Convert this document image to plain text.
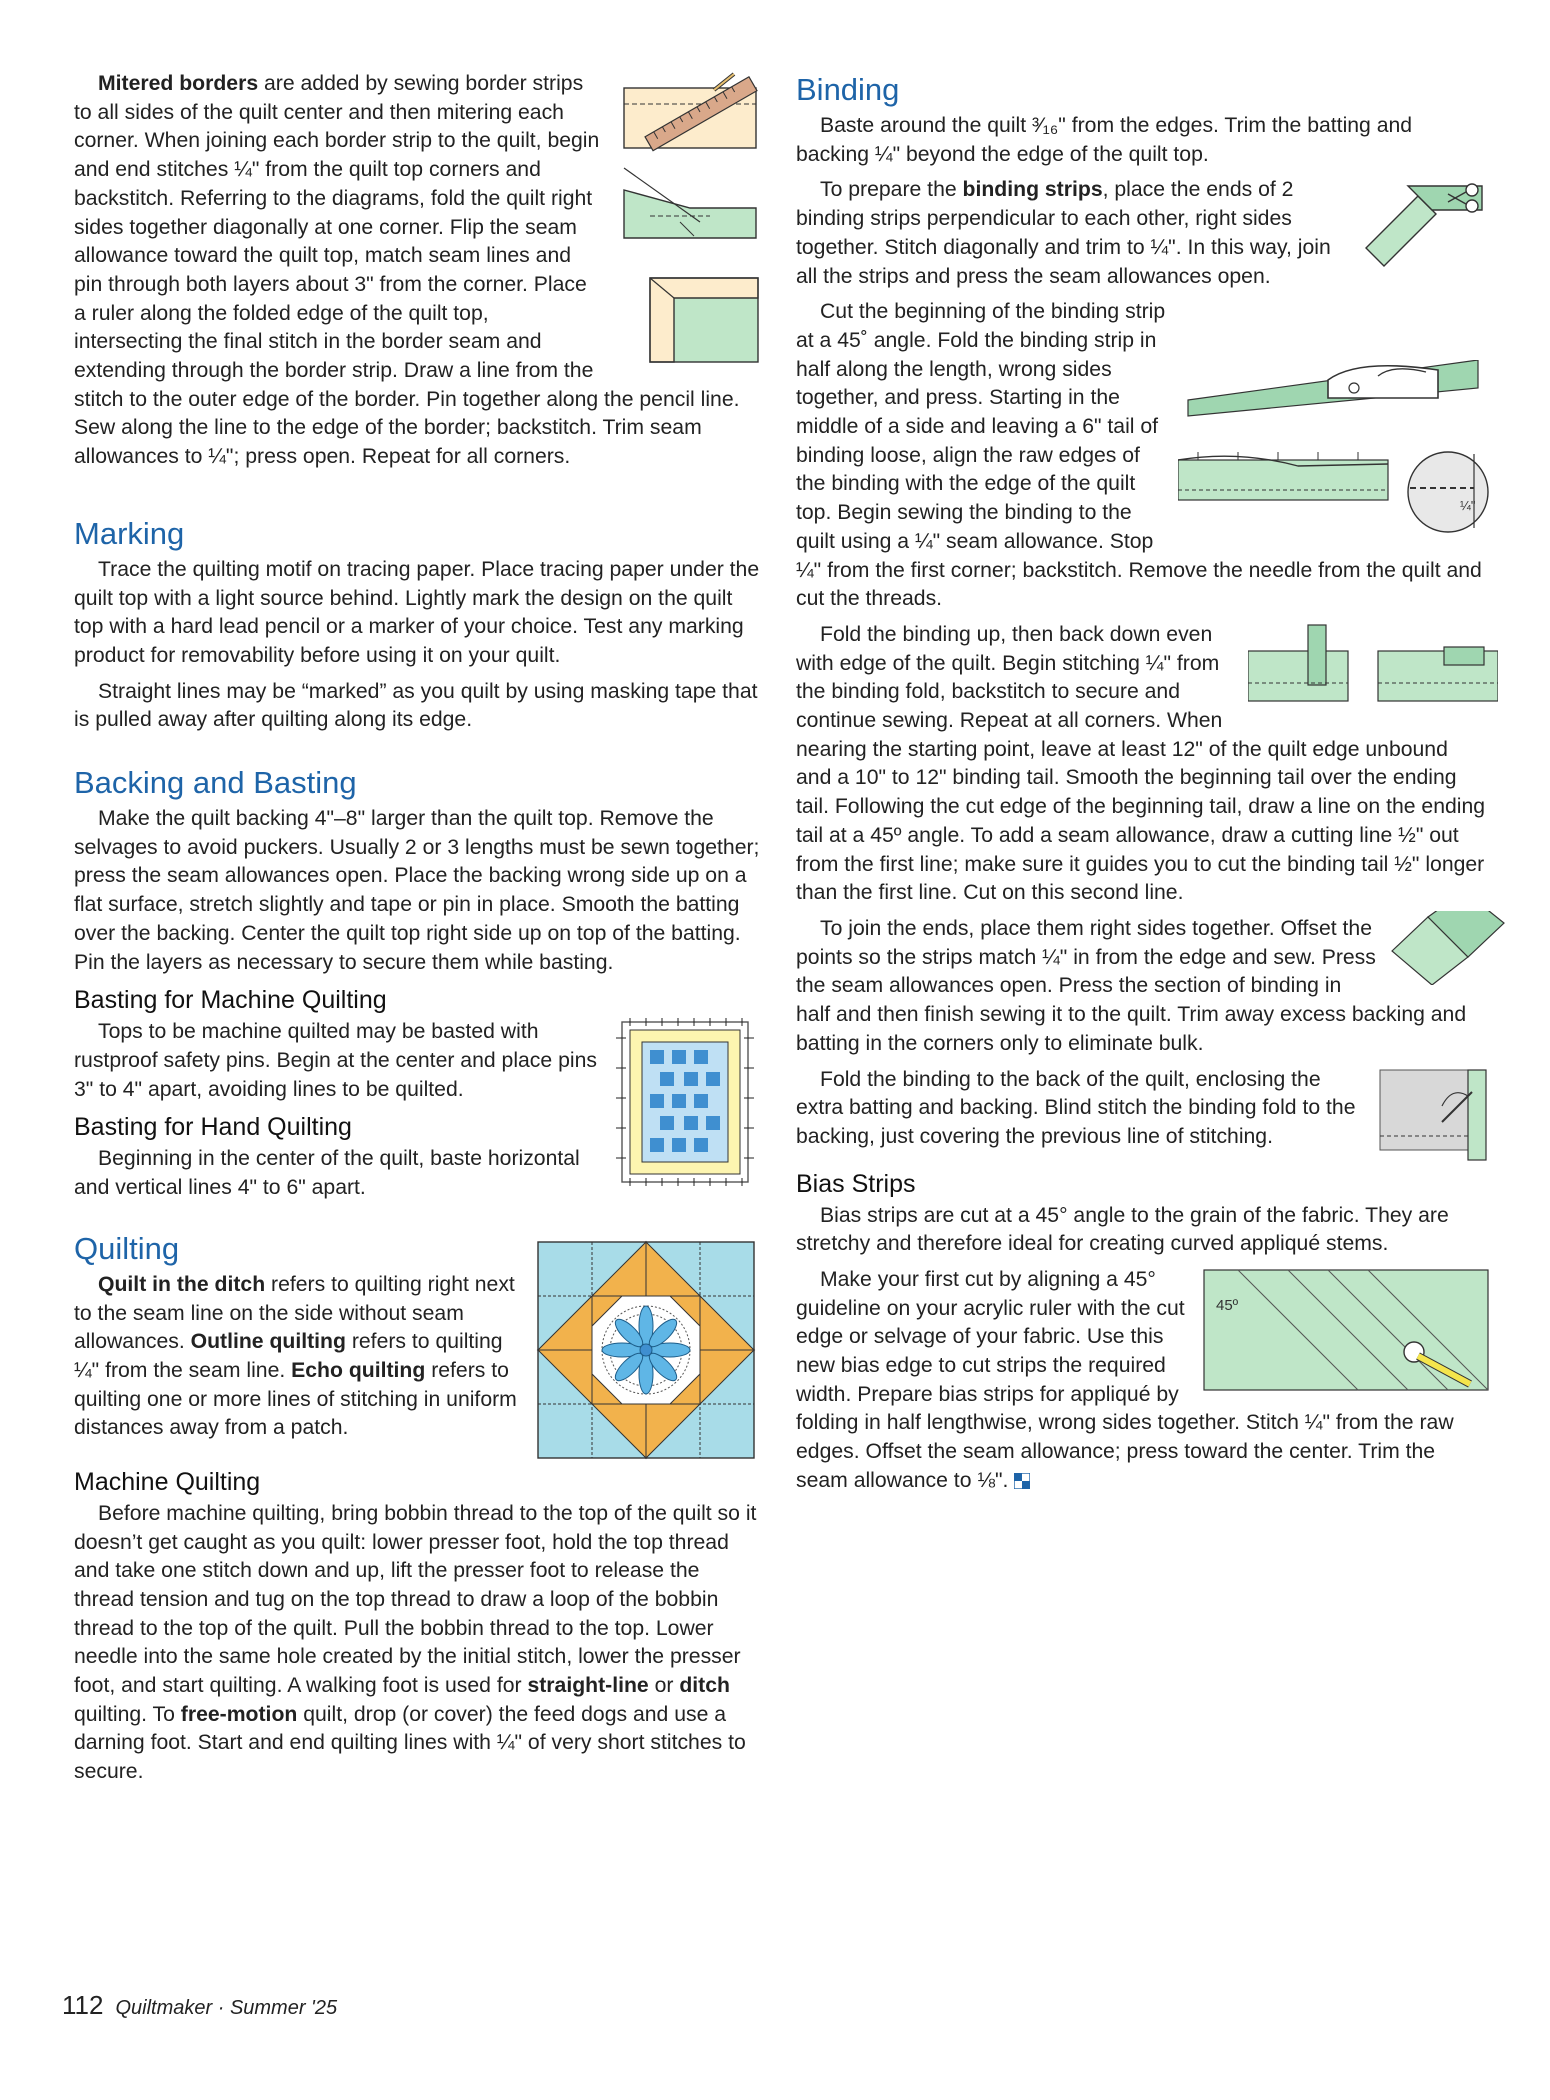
Mitered borders are added by sewing border strips to all sides of the quilt center and then mitering each corner. When joining each border strip to the quilt, begin and end stitches ¼" from the quilt top corners and backstitch. Referring to the diagrams, fold the quilt right sides together diagonally at one corner. Flip the seam allowance toward the quilt top, match seam lines and pin through both layers about 3" from the corner. Place a ruler along the folded edge of the quilt top, intersecting the final stitch in the border seam and extending through the border strip. Draw a line from the stitch to the outer edge of the border. Pin together along the pencil line. Sew along the line to the edge of the border; backstitch. Trim seam allowances to ¼"; press open. Repeat for all corners.

Marking

Trace the quilting motif on tracing paper. Place tracing paper under the quilt top with a light source behind. Lightly mark the design on the quilt top with a hard lead pencil or a marker of your choice. Test any marking product for removability before using it on your quilt.

Straight lines may be “marked” as you quilt by using masking tape that is pulled away after quilting along its edge.

Backing and Basting

Make the quilt backing 4"–8" larger than the quilt top. Remove the selvages to avoid puckers. Usually 2 or 3 lengths must be sewn together; press the seam allowances open. Place the backing wrong side up on a flat surface, stretch slightly and tape or pin in place. Smooth the batting over the backing. Center the quilt top right side up on top of the batting. Pin the layers as necessary to secure them while basting.

Basting for Machine Quilting

Tops to be machine quilted may be basted with rustproof safety pins. Begin at the center and place pins 3" to 4" apart, avoiding lines to be quilted.

Basting for Hand Quilting

Beginning in the center of the quilt, baste horizontal and vertical lines 4" to 6" apart.

Quilting

Quilt in the ditch refers to quilting right next to the seam line on the side without seam allowances. Outline quilting refers to quilting ¼" from the seam line. Echo quilting refers to quilting one or more lines of stitching in uniform distances away from a patch.

Machine Quilting

Before machine quilting, bring bobbin thread to the top of the quilt so it doesn’t get caught as you quilt: lower presser foot, hold the top thread and take one stitch down and up, lift the presser foot to release the thread tension and tug on the top thread to draw a loop of the bobbin thread to the top of the quilt. Pull the bobbin thread to the top. Lower needle into the same hole created by the initial stitch, lower the presser foot, and start quilting. A walking foot is used for straight-line or ditch quilting. To free-motion quilt, drop (or cover) the feed dogs and use a darning foot. Start and end quilting lines with ¼" of very short stitches to secure.

Binding

Baste around the quilt ³⁄₁₆" from the edges. Trim the batting and backing ¼" beyond the edge of the quilt top.

To prepare the binding strips, place the ends of 2 binding strips perpendicular to each other, right sides together. Stitch diagonally and trim to ¼". In this way, join all the strips and press the seam allowances open.

¼"

Cut the beginning of the binding strip at a 45˚ angle. Fold the binding strip in half along the length, wrong sides together, and press. Starting in the middle of a side and leaving a 6" tail of binding loose, align the raw edges of the binding with the edge of the quilt top. Begin sewing the binding to the quilt using a ¼" seam allowance. Stop ¼" from the first corner; backstitch. Remove the needle from the quilt and cut the threads.

Fold the binding up, then back down even with edge of the quilt. Begin stitching ¼" from the binding fold, backstitch to secure and continue sewing. Repeat at all corners. When nearing the starting point, leave at least 12" of the quilt edge unbound and a 10" to 12" binding tail. Smooth the beginning tail over the ending tail. Following the cut edge of the beginning tail, draw a line on the ending tail at a 45º angle. To add a seam allowance, draw a cutting line ½" out from the first line; make sure it guides you to cut the binding tail ½" longer than the first line. Cut on this second line.

To join the ends, place them right sides together. Offset the points so the strips match ¼" in from the edge and sew. Press the seam allowances open. Press the section of binding in half and then finish sewing it to the quilt. Trim away excess backing and batting in the corners only to eliminate bulk.

Fold the binding to the back of the quilt, enclosing the extra batting and backing. Blind stitch the binding fold to the backing, just covering the previous line of stitching.

Bias Strips

Bias strips are cut at a 45° angle to the grain of the fabric. They are stretchy and therefore ideal for creating curved appliqué stems.

45º

Make your first cut by aligning a 45° guideline on your acrylic ruler with the cut edge or selvage of your fabric. Use this new bias edge to cut strips the required width. Prepare bias strips for appliqué by folding in half lengthwise, wrong sides together. Stitch ¼" from the raw edges. Offset the seam allowance; press toward the center. Trim the seam allowance to ⅛".

112 Quiltmaker · Summer '25
